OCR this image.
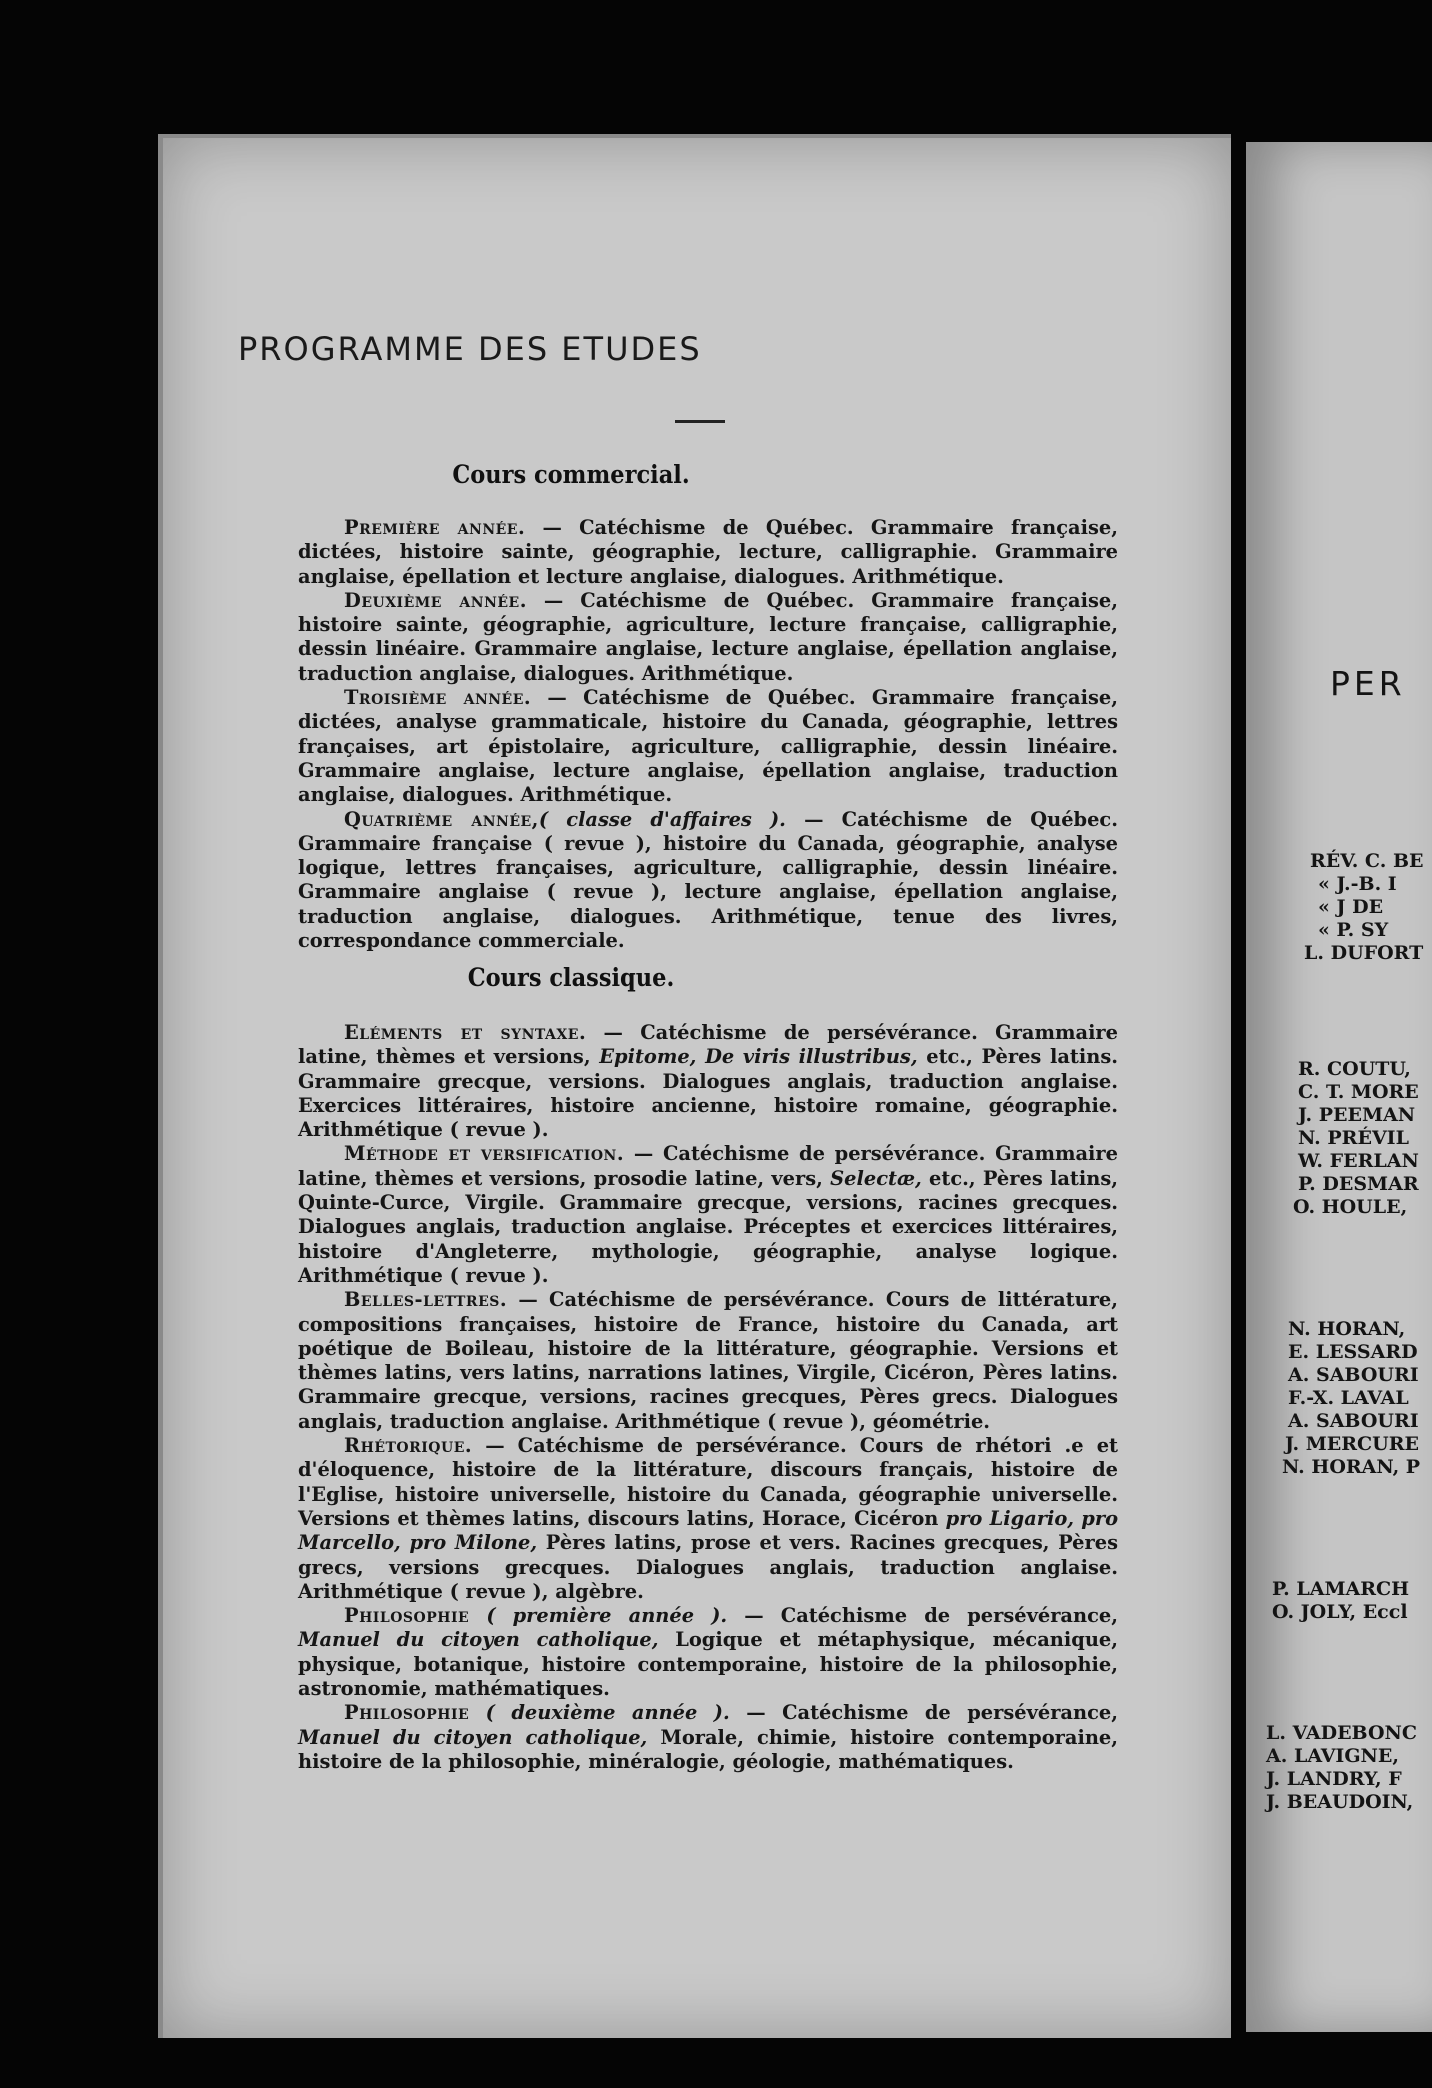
PROGRAMME DES ETUDES
Cours commercial.
Première année. — Catéchisme de Québec. Grammaire française, dictées, histoire sainte, géographie, lecture, calligraphie. Grammaire anglaise, épellation et lecture anglaise, dialogues. Arithmétique.
Deuxième année. — Catéchisme de Québec. Grammaire française, histoire sainte, géographie, agriculture, lecture française, calligraphie, dessin linéaire. Grammaire anglaise, lecture anglaise, épellation anglaise, traduction anglaise, dialogues. Arithmétique.
Troisième année. — Catéchisme de Québec. Grammaire française, dictées, analyse grammaticale, histoire du Canada, géographie, lettres françaises, art épistolaire, agriculture, calligraphie, dessin linéaire. Grammaire anglaise, lecture anglaise, épellation anglaise, traduction anglaise, dialogues. Arithmétique.
Quatrième année,( classe d'affaires ). — Catéchisme de Québec. Grammaire française ( revue ), histoire du Canada, géographie, analyse logique, lettres françaises, agriculture, calligraphie, dessin linéaire. Grammaire anglaise ( revue ), lecture anglaise, épellation anglaise, traduction anglaise, dialogues. Arithmétique, tenue des livres, correspondance commerciale.
Cours classique.
Eléments et syntaxe. — Catéchisme de persévérance. Grammaire latine, thèmes et versions, Epitome, De viris illustribus, etc., Pères latins. Grammaire grecque, versions. Dialogues anglais, traduction anglaise. Exercices littéraires, histoire ancienne, histoire romaine, géographie. Arithmétique ( revue ).
Méthode et versification. — Catéchisme de persévérance. Grammaire latine, thèmes et versions, prosodie latine, vers, Selectæ, etc., Pères latins, Quinte-Curce, Virgile. Grammaire grecque, versions, racines grecques. Dialogues anglais, traduction anglaise. Préceptes et exercices littéraires, histoire d'Angleterre, mythologie, géographie, analyse logique. Arithmétique ( revue ).
Belles-lettres. — Catéchisme de persévérance. Cours de littérature, compositions françaises, histoire de France, histoire du Canada, art poétique de Boileau, histoire de la littérature, géographie. Versions et thèmes latins, vers latins, narrations latines, Virgile, Cicéron, Pères latins. Grammaire grecque, versions, racines grecques, Pères grecs. Dialogues anglais, traduction anglaise. Arithmétique ( revue ), géométrie.
Rhétorique. — Catéchisme de persévérance. Cours de rhétori .e et d'éloquence, histoire de la littérature, discours français, histoire de l'Eglise, histoire universelle, histoire du Canada, géographie universelle. Versions et thèmes latins, discours latins, Horace, Cicéron pro Ligario, pro Marcello, pro Milone, Pères latins, prose et vers. Racines grecques, Pères grecs, versions grecques. Dialogues anglais, traduction anglaise. Arithmétique ( revue ), algèbre.
Philosophie ( première année ). — Catéchisme de persévérance, Manuel du citoyen catholique, Logique et métaphysique, mécanique, physique, botanique, histoire contemporaine, histoire de la philosophie, astronomie, mathématiques.
Philosophie ( deuxième année ). — Catéchisme de persévérance, Manuel du citoyen catholique, Morale, chimie, histoire contemporaine, histoire de la philosophie, minéralogie, géologie, mathématiques.
PER
RÉV. C. BE
« J.-B. I
« J DE
« P. SY
L. DUFORT
R. COUTU,
C. T. MORE
J. PEEMAN
N. PRÉVIL
W. FERLAN
P. DESMAR
O. HOULE,
N. HORAN,
E. LESSARD
A. SABOURI
F.-X. LAVAL
A. SABOURI
J. MERCURE
N. HORAN, P
P. LAMARCH
O. JOLY, Eccl
L. VADEBONC
A. LAVIGNE,
J. LANDRY, F
J. BEAUDOIN,
